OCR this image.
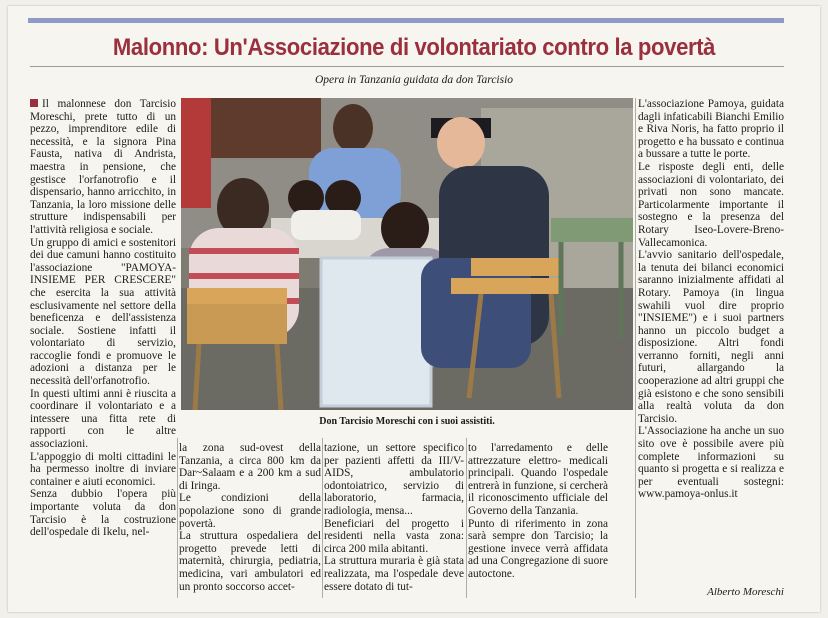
Malonno: Un'Associazione di volontariato contro la povertà
Opera in Tanzania guidata da don Tarcisio

Il malonnese don Tarcisio Moreschi, prete tutto di un pezzo, imprenditore edile di necessità, e la signora Pina Fausta, nativa di Andrista, maestra in pensione, che gestisce l'orfanotrofio e il dispensario, hanno arricchito, in Tanzania, la loro missione delle strutture indispensabili per l'attività religiosa e sociale.

Un gruppo di amici e sostenitori dei due camuni hanno costituito l'associazione "PAMOYA-INSIEME PER CRESCERE" che esercita la sua attività esclusivamente nel settore della beneficenza e dell'assistenza sociale. Sostiene infatti il volontariato di servizio, raccoglie fondi e promuove le adozioni a distanza per le necessità dell'orfanotrofio.

In questi ultimi anni è riuscita a coordinare il volontariato e a intessere una fitta rete di rapporti con le altre associazioni.

L'appoggio di molti cittadini le ha permesso inoltre di inviare container e aiuti economici.

Senza dubbio l'opera più importante voluta da don Tarcisio è la costruzione dell'ospedale di Ikelu, nel-

Don Tarcisio Moreschi con i suoi assistiti.

la zona sud-ovest della Tanzania, a circa 800 km da Dar~Salaam e a 200 km a sud di Iringa.

Le condizioni della popolazione sono di grande povertà.

La struttura ospedaliera del progetto prevede letti di maternità, chirurgia, pediatria, medicina, vari ambulatori ed un pronto soccorso accet-

tazione, un settore specifico per pazienti affetti da III/V-AIDS, ambulatorio odontoiatrico, servizio di laboratorio, farmacia, radiologia, mensa...

Beneficiari del progetto i residenti nella vasta zona: circa 200 mila abitanti.

La struttura muraria è già stata realizzata, ma l'ospedale deve essere dotato di tut-

to l'arredamento e delle attrezzature elettro- medicali principali. Quando l'ospedale entrerà in funzione, si cercherà il riconoscimento ufficiale del Governo della Tanzania.

Punto di riferimento in zona sarà sempre don Tarcisio; la gestione invece verrà affidata ad una Congregazione di suore autoctone.

L'associazione Pamoya, guidata dagli infaticabili Bianchi Emilio e Riva Noris, ha fatto proprio il progetto e ha bussato e continua a bussare a tutte le porte.

Le risposte degli enti, delle associazioni di volontariato, dei privati non sono mancate. Particolarmente importante il sostegno e la presenza del Rotary Iseo-Lovere-Breno-Vallecamonica.

L'avvio sanitario dell'ospedale, la tenuta dei bilanci economici saranno inizialmente affidati al Rotary. Pamoya (in lingua swahili vuol dire proprio "INSIEME") e i suoi partners hanno un piccolo budget a disposizione. Altri fondi verranno forniti, negli anni futuri, allargando la cooperazione ad altri gruppi che già esistono e che sono sensibili alla realtà voluta da don Tarcisio.

L'Associazione ha anche un suo sito ove è possibile avere più complete informazioni su quanto si progetta e si realizza e per eventuali sostegni: www.pamoya-onlus.it

Alberto Moreschi
